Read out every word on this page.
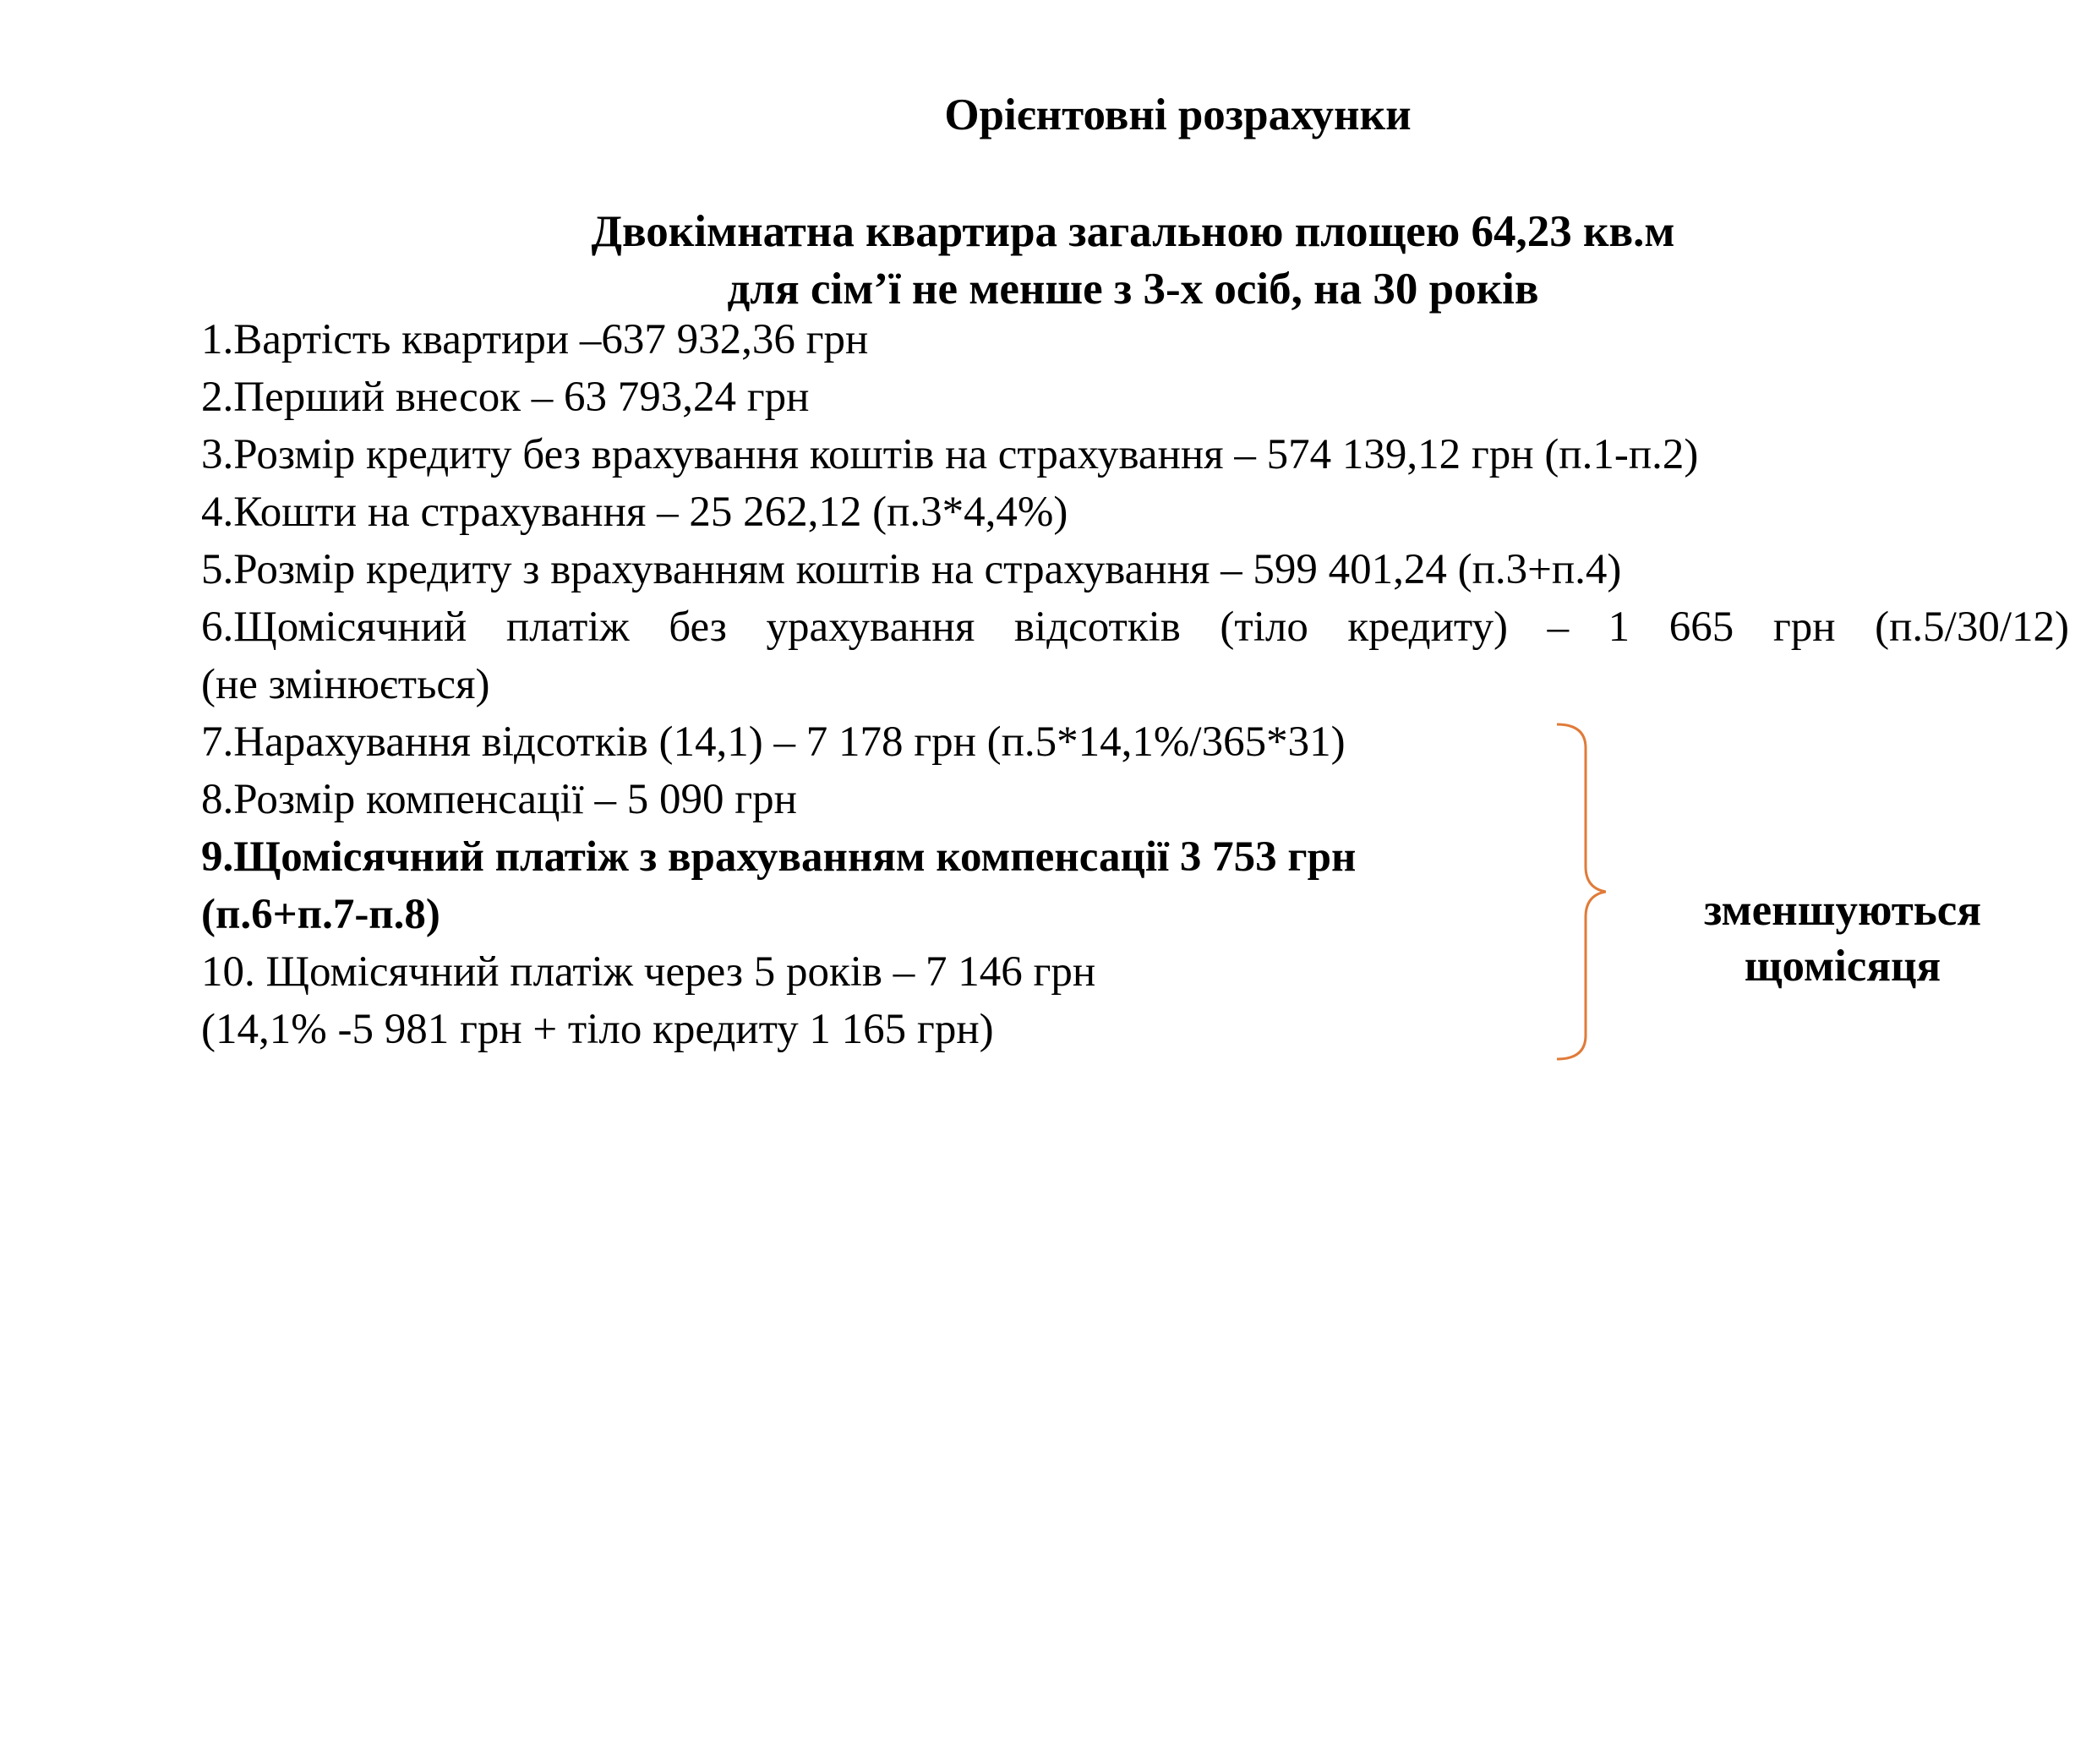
Орієнтовні розрахунки
Двокімнатна квартира загальною площею 64,23 кв.м
для сім’ї не менше з 3-х осіб, на 30 років
1.Вартість квартири –637 932,36 грн
2.Перший внесок – 63 793,24 грн
3.Розмір кредиту без врахування коштів на страхування – 574 139,12 грн (п.1-п.2)
4.Кошти на страхування – 25 262,12 (п.3*4,4%)
5.Розмір кредиту з врахуванням коштів на страхування – 599 401,24 (п.3+п.4)
6.Щомісячний платіж без урахування відсотків (тіло кредиту) – 1 665 грн (п.5/30/12)
(не змінюється)
7.Нарахування відсотків (14,1) – 7 178 грн (п.5*14,1%/365*31)
8.Розмір компенсації – 5 090 грн
9.Щомісячний платіж з врахуванням компенсації 3 753 грн
(п.6+п.7-п.8)
10. Щомісячний платіж через 5 років – 7 146 грн
(14,1% -5 981 грн + тіло кредиту 1 165 грн)
зменшуються
щомісяця
